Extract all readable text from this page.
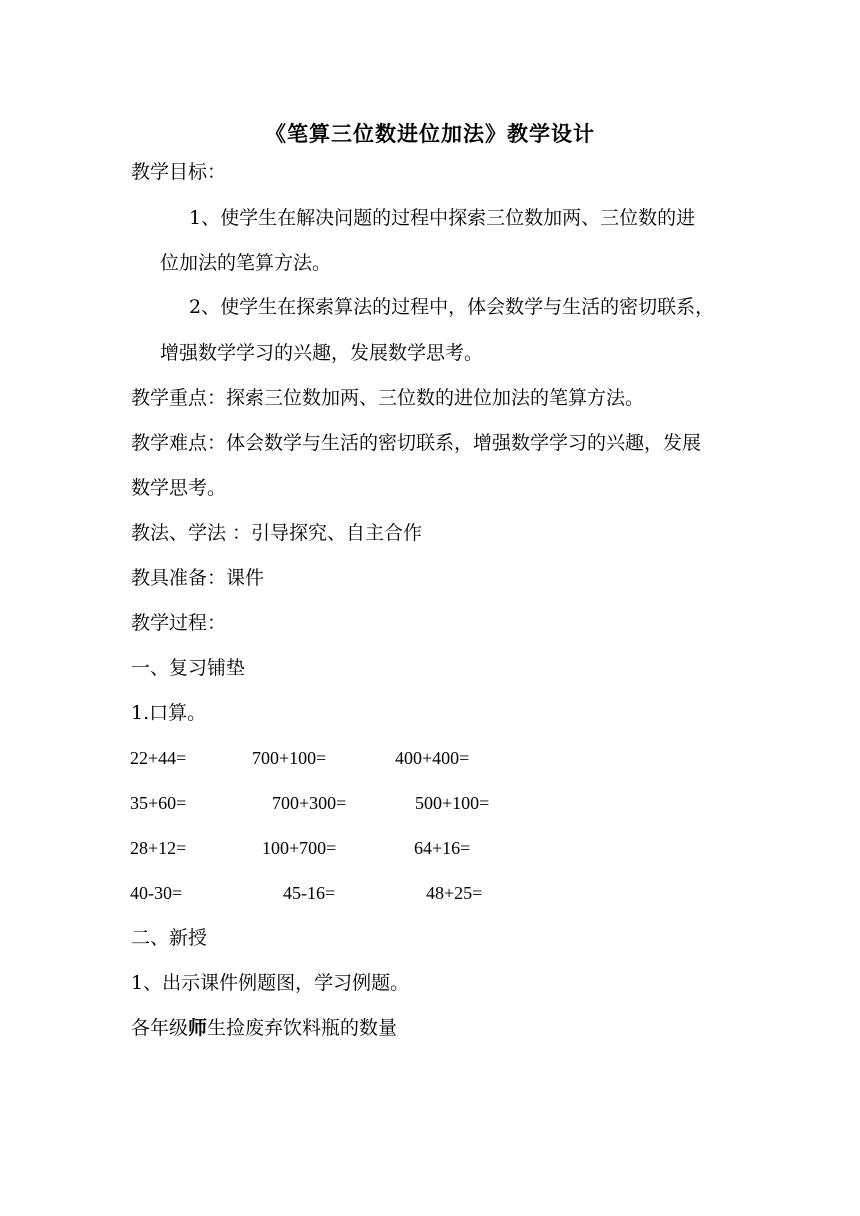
《笔算三位数进位加法》教学设计
教学目标：
1、使学生在解决问题的过程中探索三位数加两、三位数的进
位加法的笔算方法。
2、使学生在探索算法的过程中，体会数学与生活的密切联系，
增强数学学习的兴趣，发展数学思考。
教学重点：探索三位数加两、三位数的进位加法的笔算方法。
教学难点：体会数学与生活的密切联系，增强数学学习的兴趣，发展
数学思考。
教法、学法 ：引导探究、自主合作
教具准备：课件
教学过程：
一、复习铺垫
1.口算。
22+44=	700+100=	400+400=
35+60=	700+300=	500+100=
28+12=	100+700=	64+16=
40-30=	45-16=	48+25=
二、新授
1、出示课件例题图，学习例题。
各年级师生捡废弃饮料瓶的数量
